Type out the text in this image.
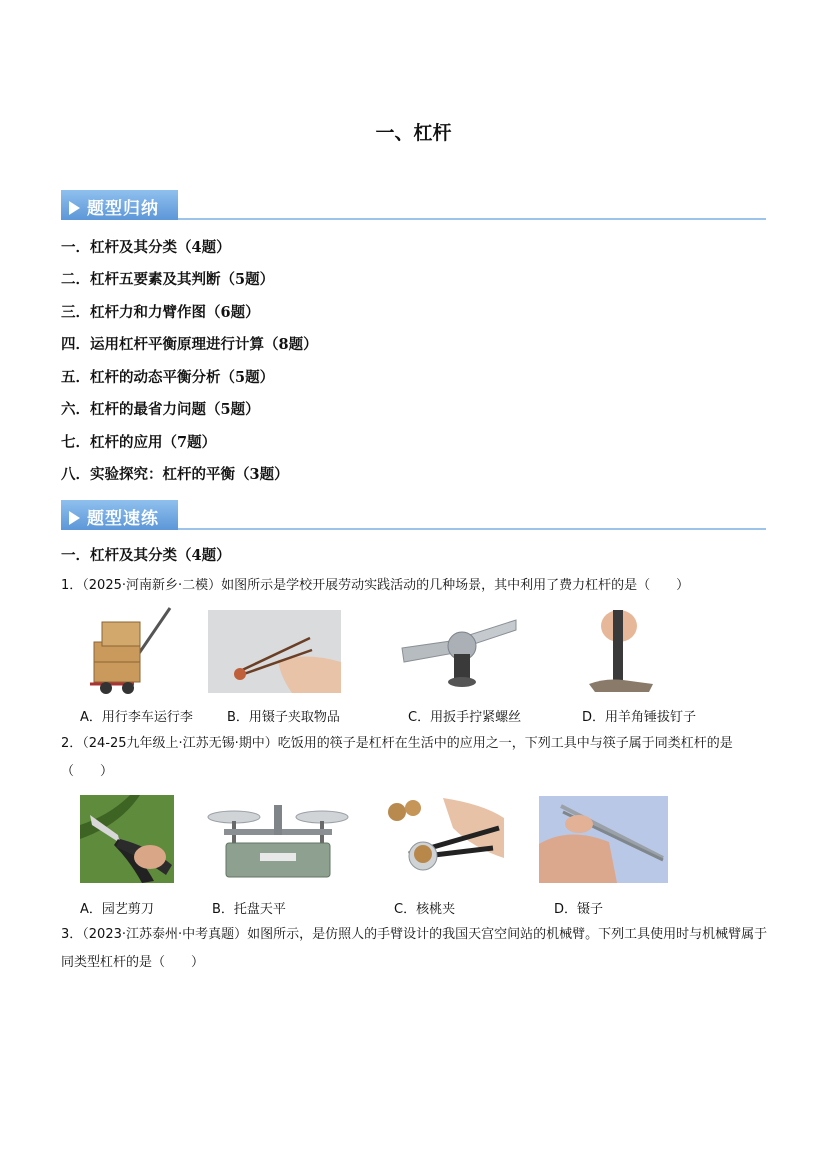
一、杠杆
题型归纳
一．杠杆及其分类（4题）
二．杠杆五要素及其判断（5题）
三．杠杆力和力臂作图（6题）
四．运用杠杆平衡原理进行计算（8题）
五．杠杆的动态平衡分析（5题）
六．杠杆的最省力问题（5题）
七．杠杆的应用（7题）
八．实验探究：杠杆的平衡（3题）
题型速练
一．杠杆及其分类（4题）
1．（2025·河南新乡·二模）如图所示是学校开展劳动实践活动的几种场景，其中利用了费力杠杆的是（　　）
A．用行李车运行李	B．用镊子夹取物品	C．用扳手拧紧螺丝	D．用羊角锤拔钉子
2．（24-25九年级上·江苏无锡·期中）吃饭用的筷子是杠杆在生活中的应用之一，下列工具中与筷子属于同类杠杆的是（　　）
A．园艺剪刀	B．托盘天平	C．核桃夹	D．镊子
3．（2023·江苏泰州·中考真题）如图所示，是仿照人的手臂设计的我国天宫空间站的机械臂。下列工具使用时与机械臂属于同类型杠杆的是（　　）
